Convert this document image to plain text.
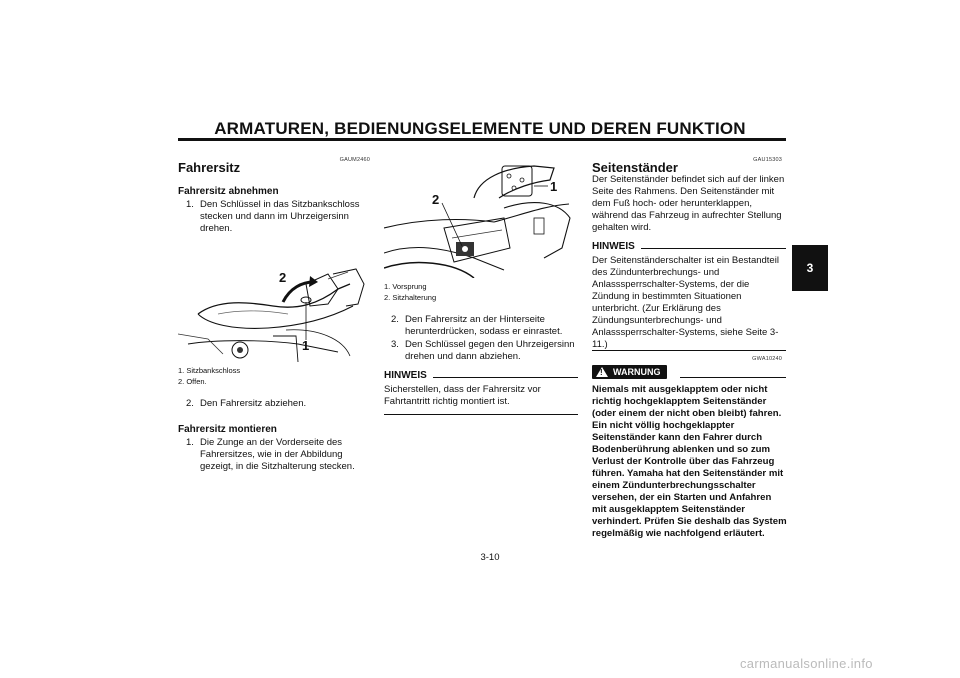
ARMATUREN, BEDIENUNGSELEMENTE UND DEREN FUNKTION
3
GAUM2460
Fahrersitz
Fahrersitz abnehmen
1. Den Schlüssel in das Sitzbankschloss stecken und dann im Uhrzeigersinn drehen.
2
1
1. Sitzbankschloss
2. Offen.
2. Den Fahrersitz abziehen.
Fahrersitz montieren
1. Die Zunge an der Vorderseite des Fahrersitzes, wie in der Abbildung gezeigt, in die Sitzhalterung stecken.
2
1
1. Vorsprung
2. Sitzhalterung
2. Den Fahrersitz an der Hinterseite herunterdrücken, sodass er einrastet.
3. Den Schlüssel gegen den Uhrzeigersinn drehen und dann abziehen.
HINWEIS
Sicherstellen, dass der Fahrersitz vor Fahrtantritt richtig montiert ist.
GAU15303
Seitenständer
Der Seitenständer befindet sich auf der linken Seite des Rahmens. Den Seitenständer mit dem Fuß hoch- oder herunterklappen, während das Fahrzeug in aufrechter Stellung gehalten wird.
HINWEIS
Der Seitenständerschalter ist ein Bestandteil des Zündunterbrechungs- und Anlasssperrschalter-Systems, der die Zündung in bestimmten Situationen unterbricht. (Zur Erklärung des Zündungsunterbrechungs- und Anlasssperrschalter-Systems, siehe Seite 3-11.)
GWA10240
!
WARNUNG
Niemals mit ausgeklapptem oder nicht richtig hochgeklapptem Seitenständer (oder einem der nicht oben bleibt) fahren. Ein nicht völlig hochgeklappter Seitenständer kann den Fahrer durch Bodenberührung ablenken und so zum Verlust der Kontrolle über das Fahrzeug führen. Yamaha hat den Seitenständer mit einem Zündunterbrechungsschalter versehen, der ein Starten und Anfahren mit ausgeklapptem Seitenständer verhindert. Prüfen Sie deshalb das System regelmäßig wie nachfolgend erläutert.
3-10
carmanualsonline.info
